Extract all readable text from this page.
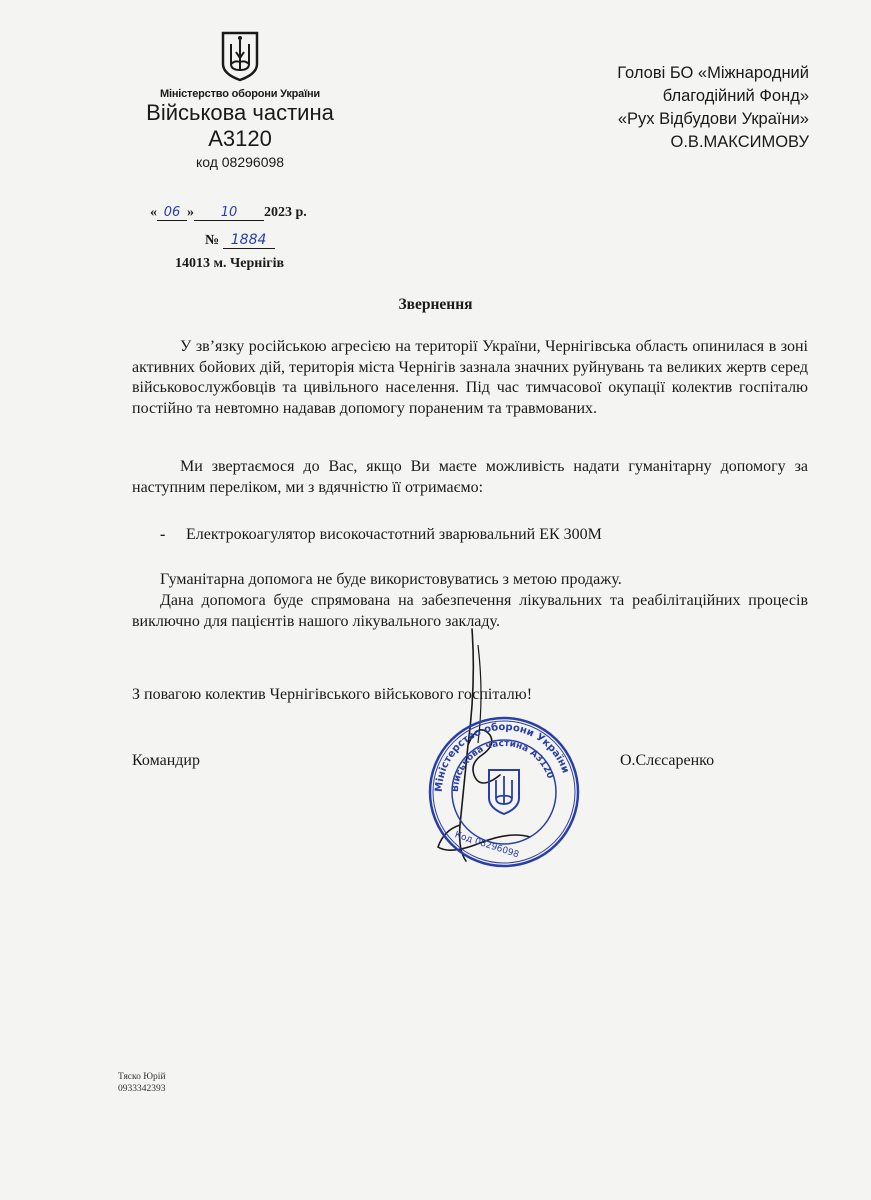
Міністерство оборони України
Військова частина
А3120
код 08296098
« 06 » 10 2023 р.
№ 1884
14013 м. Чернігів
Голові БО «Міжнародний
благодійний Фонд»
«Рух Відбудови України»
О.В.МАКСИМОВУ
Звернення
У зв’язку російською агресією на території України, Чернігівська область опинилася в зоні активних бойових дій, територія міста Чернігів зазнала значних руйнувань та великих жертв серед військовослужбовців та цивільного населення. Під час тимчасової окупації колектив госпіталю постійно та невтомно надавав допомогу пораненим та травмованих.
Ми звертаємося до Вас, якщо Ви маєте можливість надати гуманітарну допомогу за наступним переліком, ми з вдячністю її отримаємо:
- Електрокоагулятор високочастотний зварювальний ЕК 300М
Гуманітарна допомога не буде використовуватись з метою продажу.
Дана допомога буде спрямована на забезпечення лікувальних та реабілітаційних процесів виключно для пацієнтів нашого лікувального закладу.
З повагою колектив Чернігівського військового госпіталю!
Командир	О.Слєсаренко
Міністерство оборони України
Військова частина А3120
Код 08296098
Тяско Юрій
0933342393
